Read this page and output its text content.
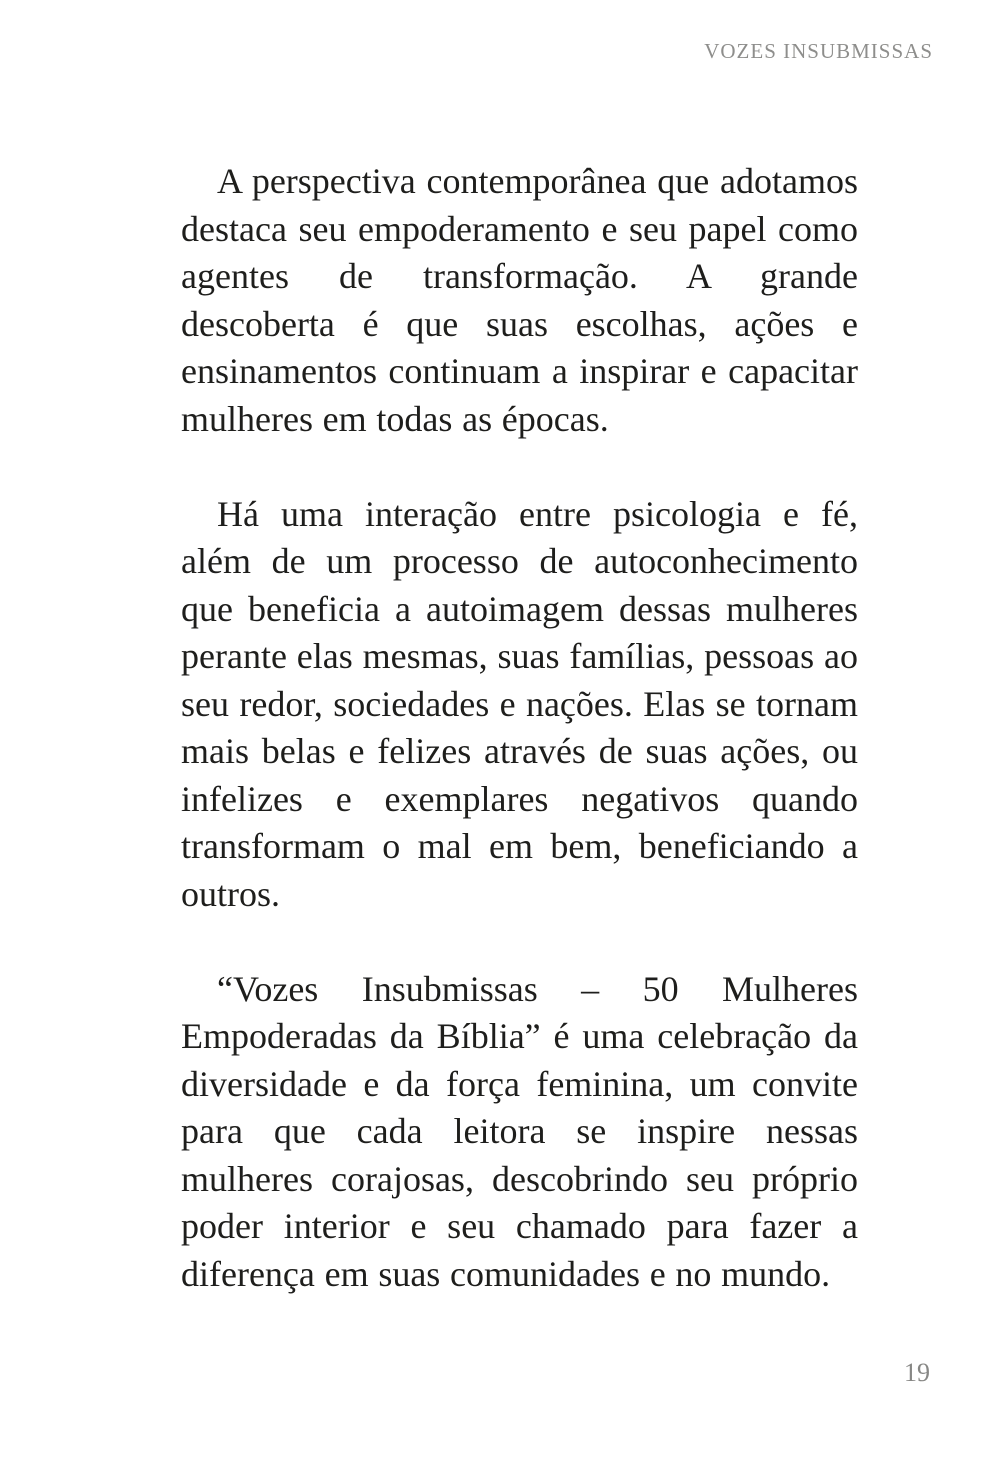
VOZES INSUBMISSAS

A perspectiva contemporânea que adotamos destaca seu empoderamento e seu papel como agentes de transformação. A grande descoberta é que suas escolhas, ações e ensinamentos continuam a inspirar e capacitar mulheres em todas as épocas.

Há uma interação entre psicologia e fé, além de um processo de autoconhecimento que beneficia a autoimagem dessas mulheres perante elas mesmas, suas famílias, pessoas ao seu redor, sociedades e nações. Elas se tornam mais belas e felizes através de suas ações, ou infelizes e exemplares negativos quando transformam o mal em bem, beneficiando a outros.

“Vozes Insubmissas – 50 Mulheres Empoderadas da Bíblia” é uma celebração da diversidade e da força feminina, um convite para que cada leitora se inspire nessas mulheres corajosas, descobrindo seu próprio poder interior e seu chamado para fazer a diferença em suas comunidades e no mundo.

19
